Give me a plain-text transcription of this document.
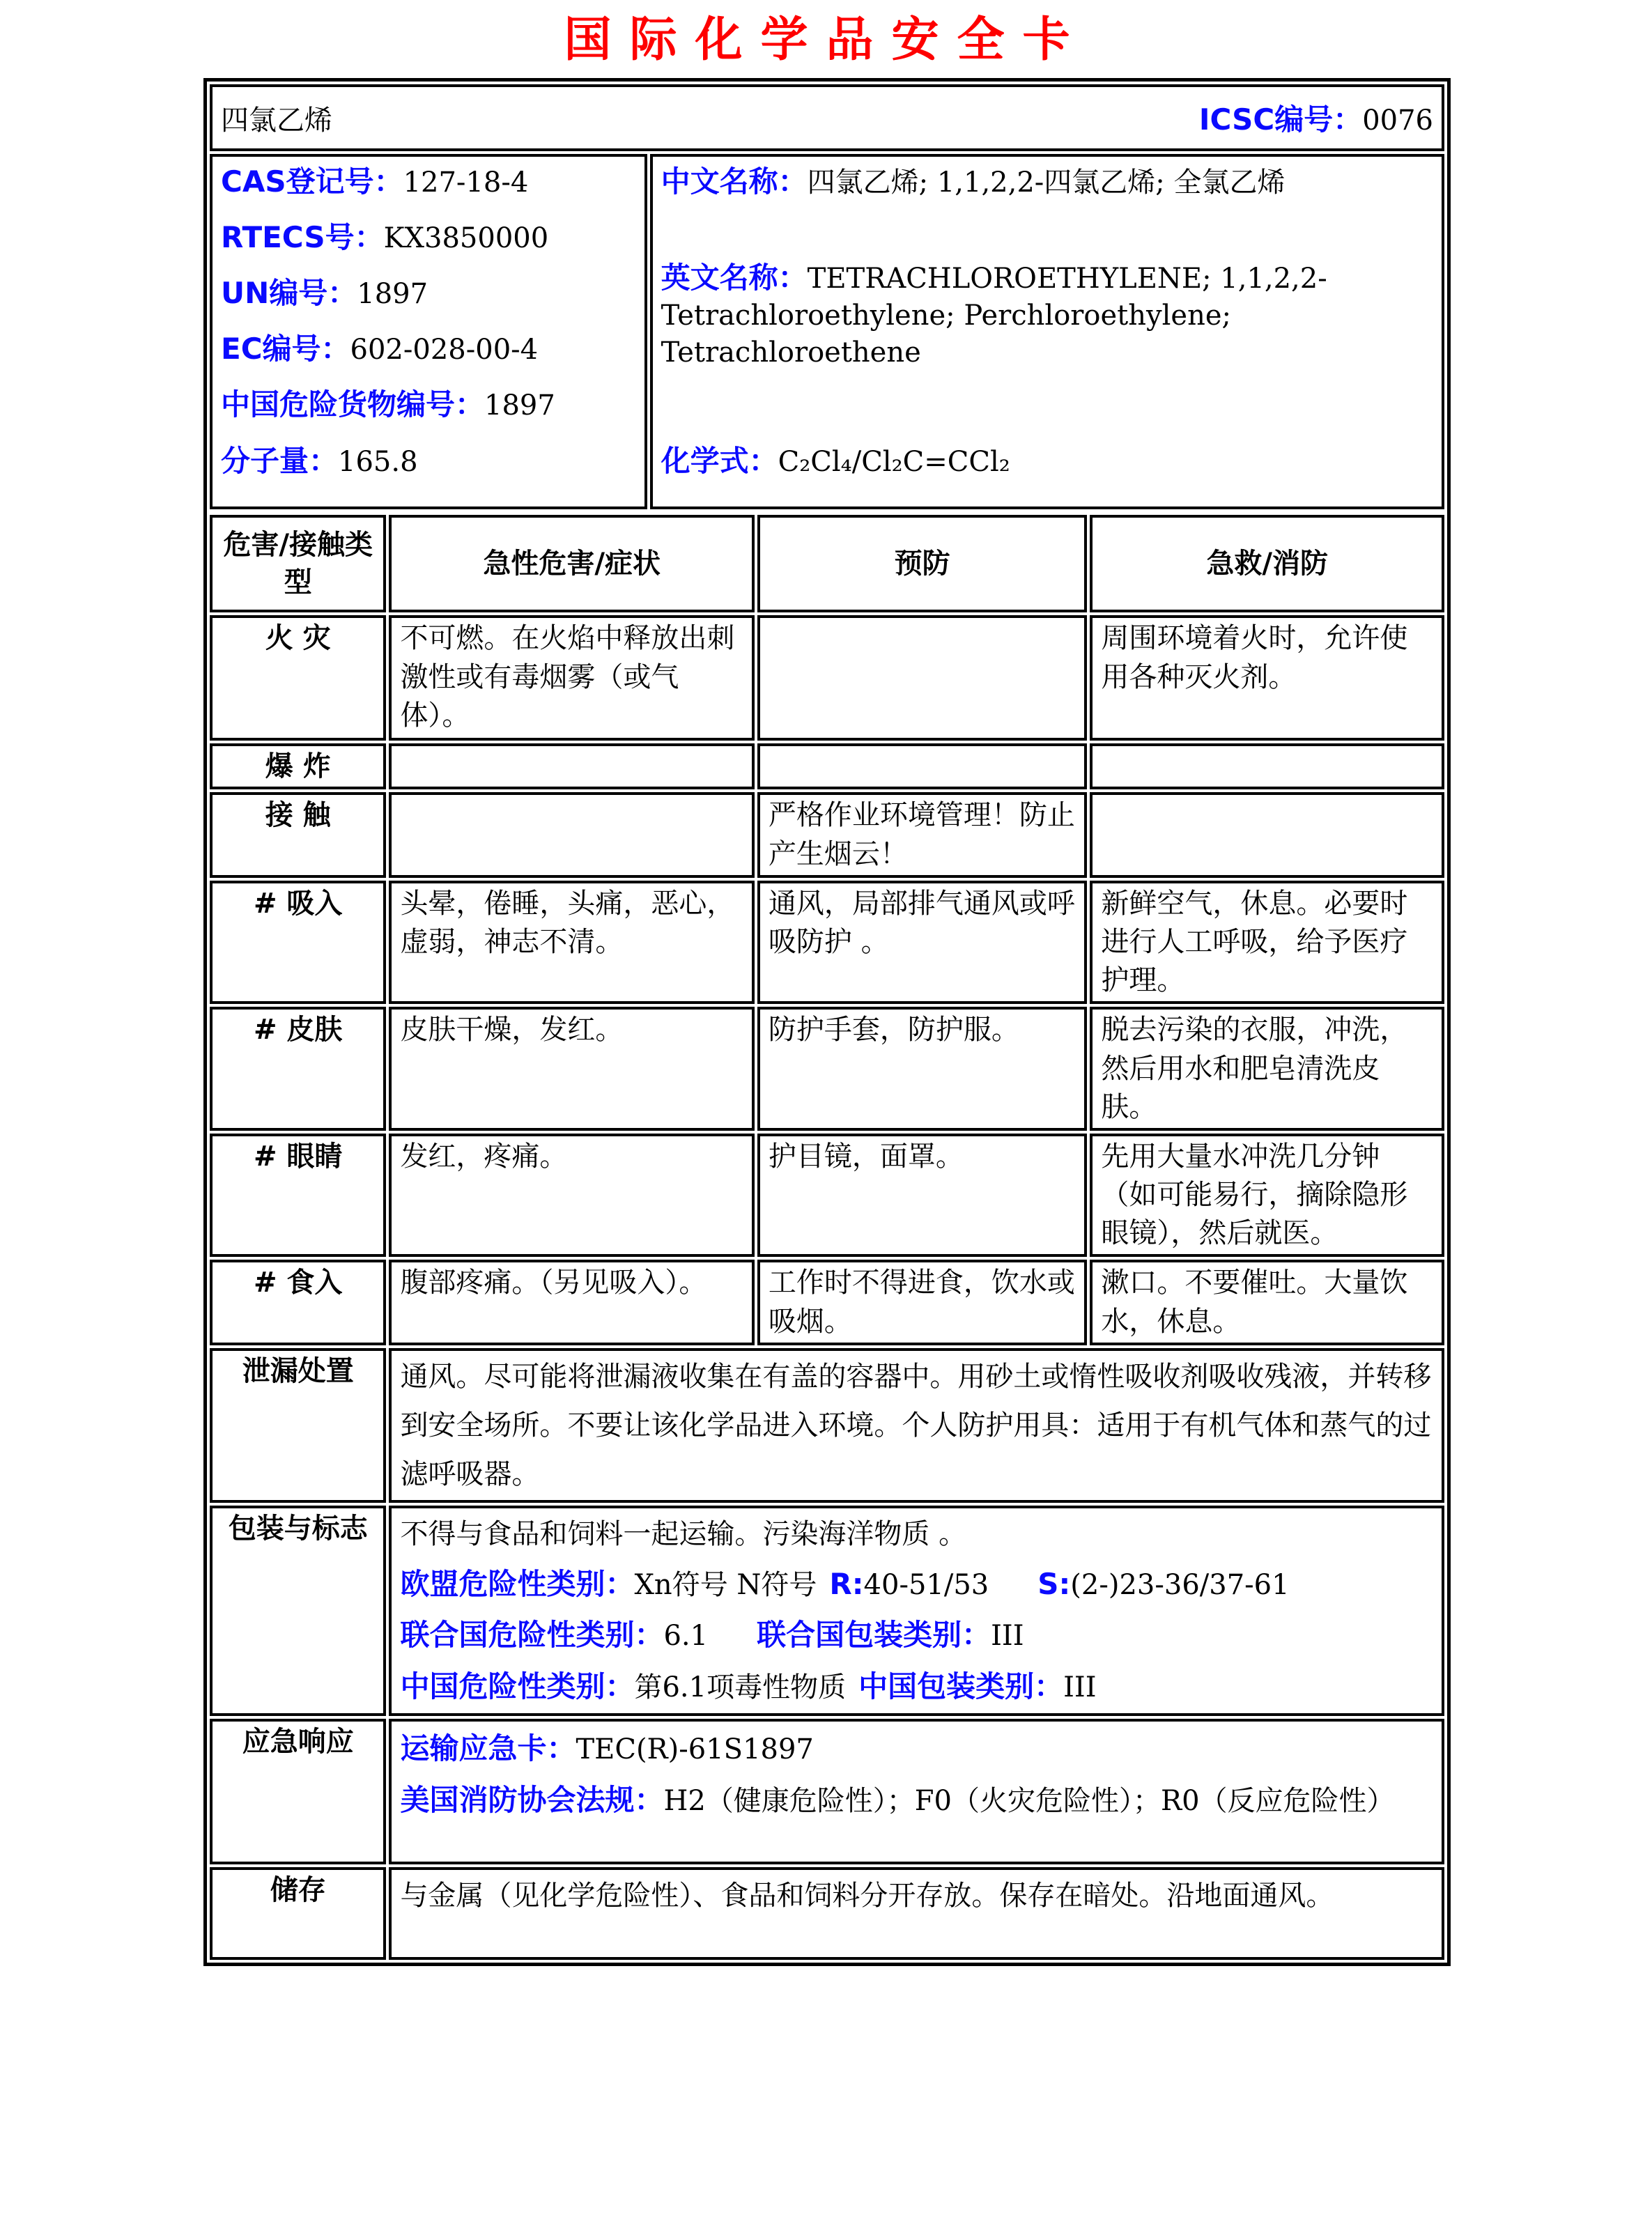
国际化学品安全卡
四氯乙烯	ICSC编号：0076

CAS登记号：127-18-4

RTECS号：KX3850000

UN编号：1897

EC编号：602-028-00-4

中国危险货物编号：1897

分子量：165.8

中文名称：四氯乙烯; 1,1,2,2-四氯乙烯; 全氯乙烯

英文名称：TETRACHLOROETHYLENE; 1,1,2,2-Tetrachloroethylene; Perchloroethylene; Tetrachloroethene

化学式：C₂Cl₄/Cl₂C=CCl₂

危害/接触类型	急性危害/症状	预防	急救/消防
火 灾	不可燃。在火焰中释放出刺激性或有毒烟雾（或气体）。		周围环境着火时，允许使用各种灭火剂。
爆 炸			
接 触		严格作业环境管理！防止产生烟云！	
# 吸入	头晕，倦睡，头痛，恶心，虚弱，神志不清。	通风，局部排气通风或呼吸防护 。	新鲜空气，休息。必要时进行人工呼吸，给予医疗护理。
# 皮肤	皮肤干燥，发红。	防护手套，防护服。	脱去污染的衣服，冲洗，然后用水和肥皂清洗皮肤。
# 眼睛	发红，疼痛。	护目镜，面罩。	先用大量水冲洗几分钟（如可能易行，摘除隐形眼镜），然后就医。
# 食入	腹部疼痛。（另见吸入）。	工作时不得进食，饮水或吸烟。	漱口。不要催吐。大量饮水，休息。
泄漏处置	通风。尽可能将泄漏液收集在有盖的容器中。用砂土或惰性吸收剂吸收残液，并转移到安全场所。不要让该化学品进入环境。个人防护用具：适用于有机气体和蒸气的过滤呼吸器。		

包装与标志	不得与食品和饲料一起运输。污染海洋物质 。

欧盟危险性类别：Xn符号 N符号 R:40-51/53 S:(2-)23-36/37-61

联合国危险性类别：6.1 联合国包装类别：III

中国危险性类别：第6.1项毒性物质 中国包装类别：III		

应急响应	运输应急卡：TEC(R)-61S1897

美国消防协会法规：H2（健康危险性）；F0（火灾危险性）；R0（反应危险性）		

储存	与金属（见化学危险性）、食品和饲料分开存放。保存在暗处。沿地面通风。		
